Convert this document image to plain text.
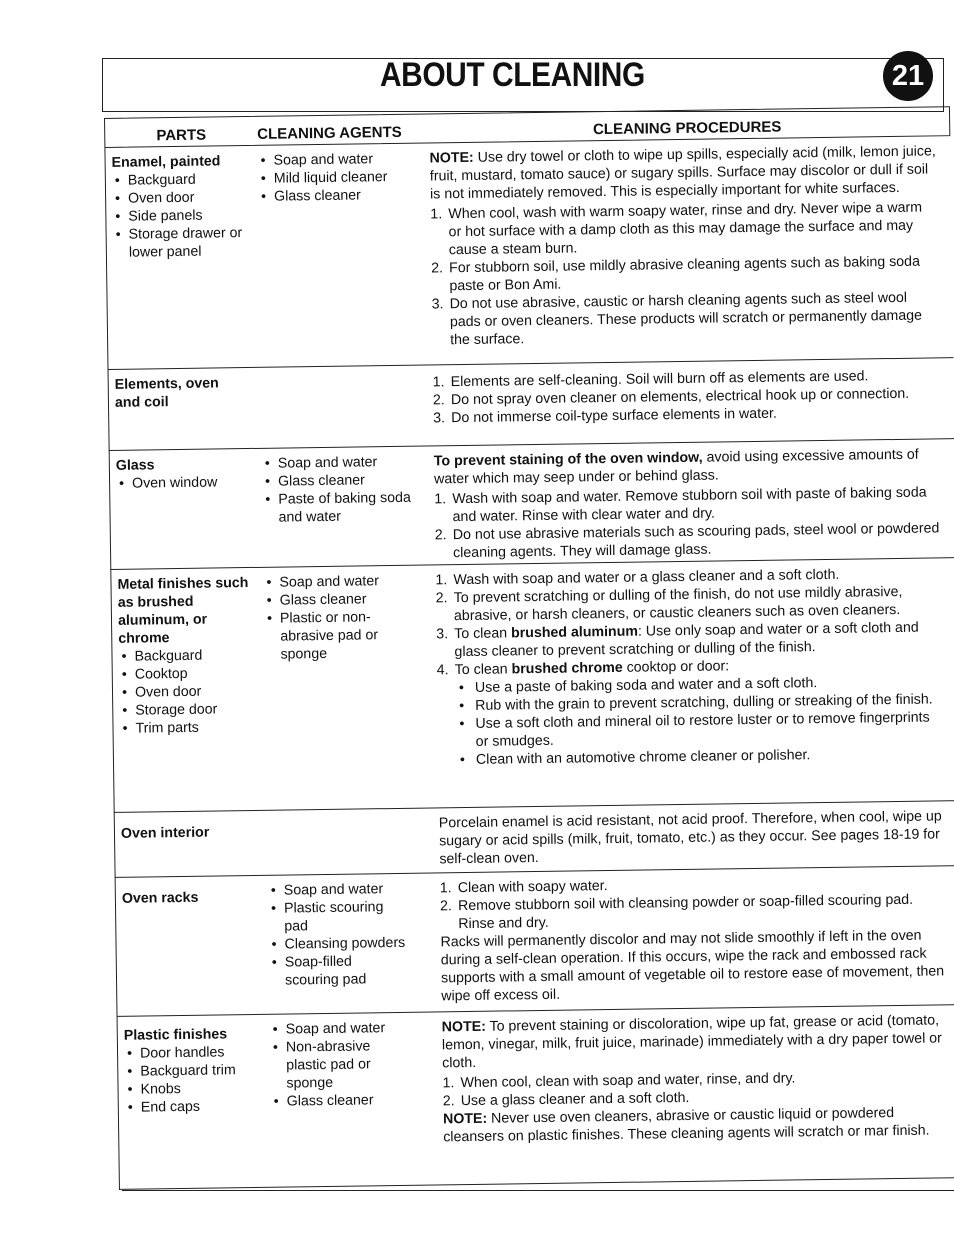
ABOUT CLEANING	21
PARTS	CLEANING AGENTS	CLEANING PROCEDURES
Enamel, painted
• Backguard
• Oven door
• Side panels
• Storage drawer or lower panel
• Soap and water
• Mild liquid cleaner
• Glass cleaner

NOTE: Use dry towel or cloth to wipe up spills, especially acid (milk, lemon juice, fruit, mustard, tomato sauce) or sugary spills. Surface may discolor or dull if soil is not immediately removed. This is especially important for white surfaces.

1. When cool, wash with warm soapy water, rinse and dry. Never wipe a warm or hot surface with a damp cloth as this may damage the surface and may cause a steam burn.
2. For stubborn soil, use mildly abrasive cleaning agents such as baking soda paste or Bon Ami.
3. Do not use abrasive, caustic or harsh cleaning agents such as steel wool pads or oven cleaners. These products will scratch or permanently damage the surface.
Elements, oven and coil
1. Elements are self-cleaning. Soil will burn off as elements are used.
2. Do not spray oven cleaner on elements, electrical hook up or connection.
3. Do not immerse coil-type surface elements in water.
Glass
• Oven window
• Soap and water
• Glass cleaner
• Paste of baking soda and water

To prevent staining of the oven window, avoid using excessive amounts of water which may seep under or behind glass.

1. Wash with soap and water. Remove stubborn soil with paste of baking soda and water. Rinse with clear water and dry.
2. Do not use abrasive materials such as scouring pads, steel wool or powdered cleaning agents. They will damage glass.
Metal finishes such as brushed aluminum, or chrome
• Backguard
• Cooktop
• Oven door
• Storage door
• Trim parts
• Soap and water
• Glass cleaner
• Plastic or non-abrasive pad or sponge
1. Wash with soap and water or a glass cleaner and a soft cloth.
2. To prevent scratching or dulling of the finish, do not use mildly abrasive, abrasive, or harsh cleaners, or caustic cleaners such as oven cleaners.
3. To clean brushed aluminum: Use only soap and water or a soft cloth and glass cleaner to prevent scratching or dulling of the finish.
4. To clean brushed chrome cooktop or door:
• Use a paste of baking soda and water and a soft cloth.
• Rub with the grain to prevent scratching, dulling or streaking of the finish.
• Use a soft cloth and mineral oil to restore luster or to remove fingerprints or smudges.
• Clean with an automotive chrome cleaner or polisher.
Oven interior

Porcelain enamel is acid resistant, not acid proof. Therefore, when cool, wipe up sugary or acid spills (milk, fruit, tomato, etc.) as they occur. See pages 18-19 for self-clean oven.

Oven racks
•	Soap and water
• Plastic scouring pad
• Cleansing powders
• Soap-filled scouring pad
1. Clean with soapy water.
2. Remove stubborn soil with cleansing powder or soap-filled scouring pad. Rinse and dry.

Racks will permanently discolor and may not slide smoothly if left in the oven during a self-clean operation. If this occurs, wipe the rack and embossed rack supports with a small amount of vegetable oil to restore ease of movement, then wipe off excess oil.

Plastic finishes
• Door handles
• Backguard trim
• Knobs
• End caps
• Soap and water
• Non-abrasive plastic pad or sponge
• Glass cleaner

NOTE: To prevent staining or discoloration, wipe up fat, grease or acid (tomato, lemon, vinegar, milk, fruit juice, marinade) immediately with a dry paper towel or cloth.

1. When cool, clean with soap and water, rinse, and dry.
2. Use a glass cleaner and a soft cloth.

NOTE: Never use oven cleaners, abrasive or caustic liquid or powdered cleansers on plastic finishes. These cleaning agents will scratch or mar finish.
